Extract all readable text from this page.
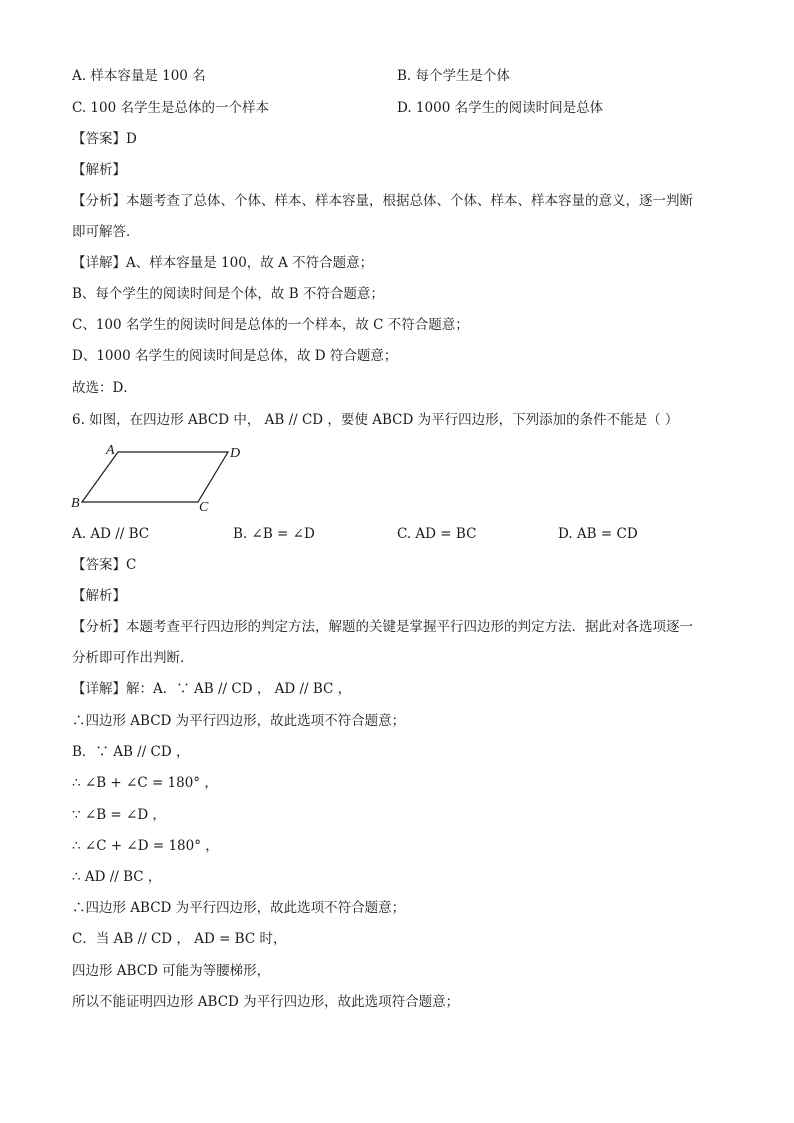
A. 样本容量是 100 名	B. 每个学生是个体
C. 100 名学生是总体的一个样本	D. 1000 名学生的阅读时间是总体
【答案】D
【解析】
【分析】本题考查了总体、个体、样本、样本容量，根据总体、个体、样本、样本容量的意义，逐一判断
即可解答．
【详解】A、样本容量是 100，故 A 不符合题意；
B、每个学生的阅读时间是个体，故 B 不符合题意；
C、100 名学生的阅读时间是总体的一个样本，故 C 不符合题意；
D、1000 名学生的阅读时间是总体，故 D 符合题意；
故选：D．
6. 如图，在四边形 ABCD 中， AB // CD ，要使 ABCD 为平行四边形，下列添加的条件不能是（ ）
A	D
B	C
A. AD // BC	B. ∠B = ∠D	C. AD = BC	D. AB = CD
【答案】C
【解析】
【分析】本题考查平行四边形的判定方法，解题的关键是掌握平行四边形的判定方法．据此对各选项逐一
分析即可作出判断．
【详解】解：A．∵ AB // CD ， AD // BC ，
∴四边形 ABCD 为平行四边形，故此选项不符合题意；
B．∵ AB // CD ，
∴ ∠B + ∠C = 180° ，
∵ ∠B = ∠D ，
∴ ∠C + ∠D = 180° ，
∴ AD // BC ，
∴四边形 ABCD 为平行四边形，故此选项不符合题意；
C．当 AB // CD ， AD = BC 时，
四边形 ABCD 可能为等腰梯形，
所以不能证明四边形 ABCD 为平行四边形，故此选项符合题意；
